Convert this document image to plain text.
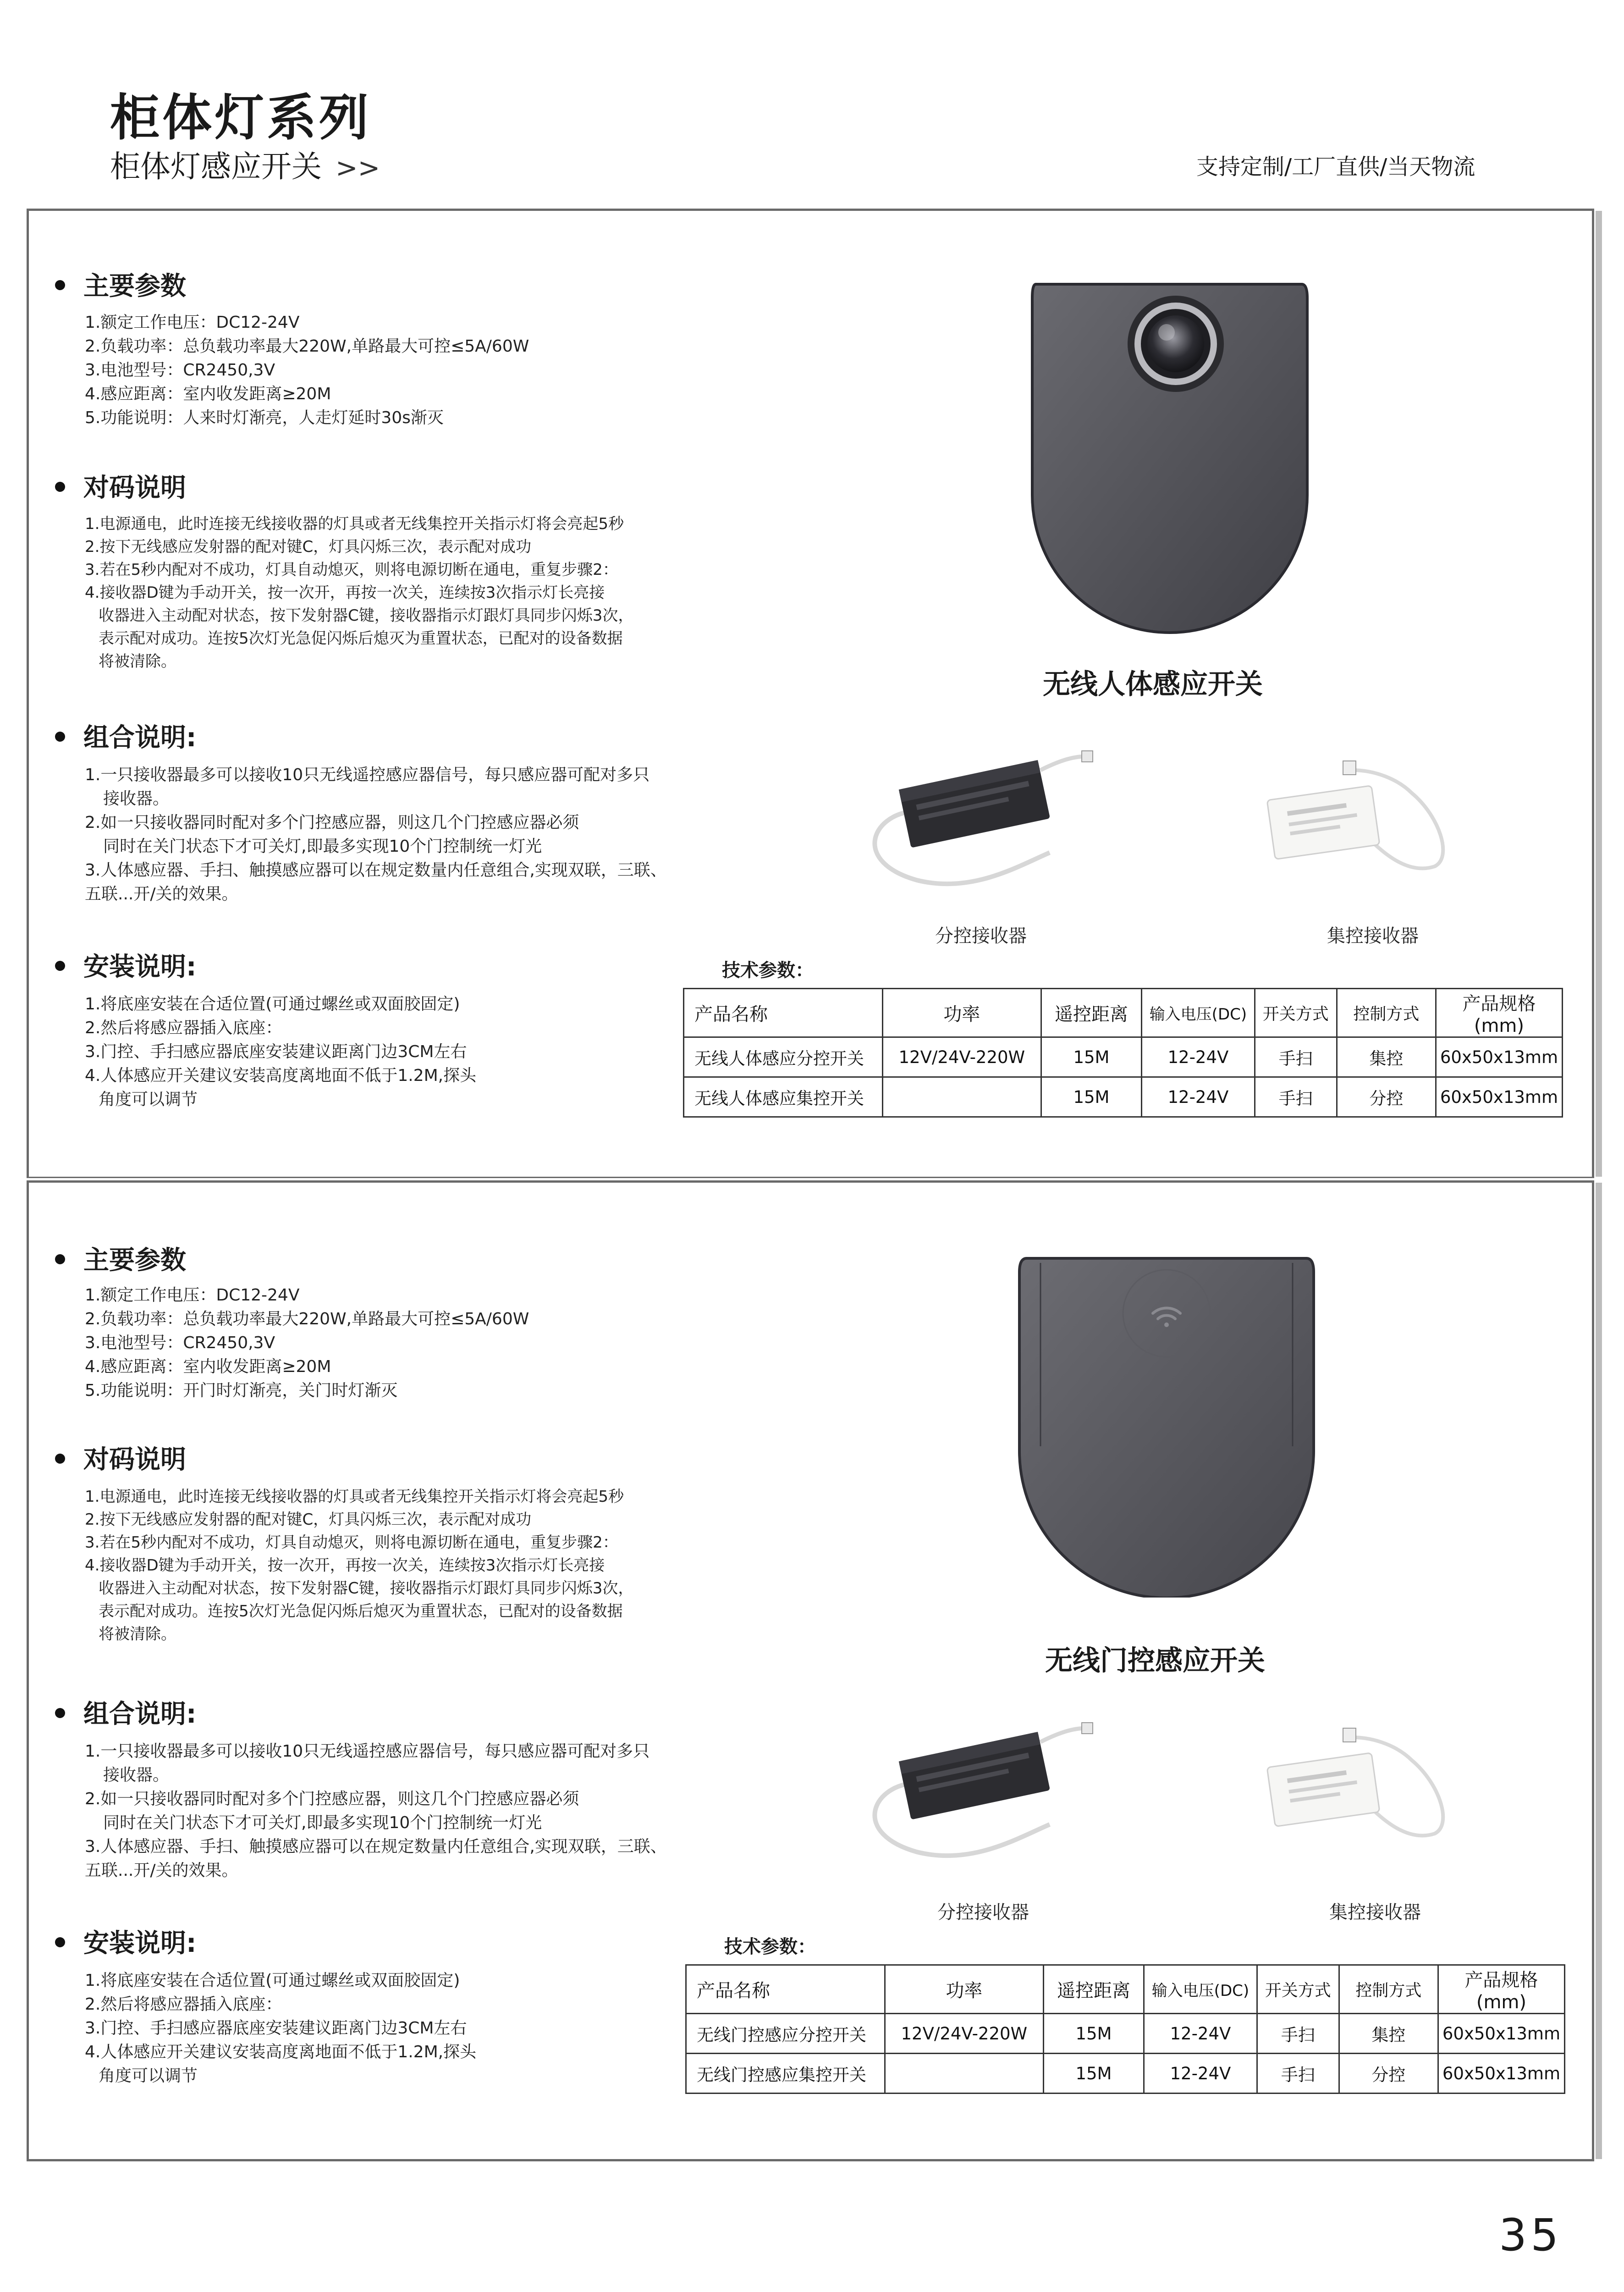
柜体灯系列
柜体灯感应开关 >>	支持定制/工厂直供/当天物流
主要参数
1.额定工作电压：DC12-24V
2.负载功率：总负载功率最大220W,单路最大可控≤5A/60W
3.电池型号：CR2450,3V
4.感应距离：室内收发距离≥20M
5.功能说明：人来时灯渐亮，人走灯延时30s渐灭
对码说明
1.电源通电，此时连接无线接收器的灯具或者无线集控开关指示灯将会亮起5秒
2.按下无线感应发射器的配对键C，灯具闪烁三次，表示配对成功
3.若在5秒内配对不成功，灯具自动熄灭，则将电源切断在通电，重复步骤2：
4.接收器D键为手动开关，按一次开，再按一次关，连续按3次指示灯长亮接
收器进入主动配对状态，按下发射器C键，接收器指示灯跟灯具同步闪烁3次，
表示配对成功。连按5次灯光急促闪烁后熄灭为重置状态，已配对的设备数据
将被清除。
组合说明:
1.一只接收器最多可以接收10只无线遥控感应器信号，每只感应器可配对多只
接收器。
2.如一只接收器同时配对多个门控感应器，则这几个门控感应器必须
同时在关门状态下才可关灯,即最多实现10个门控制统一灯光
3.人体感应器、手扫、触摸感应器可以在规定数量内任意组合,实现双联，三联、
五联...开/关的效果。
安装说明:
1.将底座安装在合适位置(可通过螺丝或双面胶固定)
2.然后将感应器插入底座：
3.门控、手扫感应器底座安装建议距离门边3CM左右
4.人体感应开关建议安装高度离地面不低于1.2M,探头
角度可以调节
无线人体感应开关
分控接收器	集控接收器
技术参数：
产品名称	功率	遥控距离	输入电压(DC)	开关方式	控制方式	产品规格(mm)
无线人体感应分控开关	12V/24V-220W	15M	12-24V	手扫	集控	60x50x13mm
无线人体感应集控开关		15M	12-24V	手扫	分控	60x50x13mm
主要参数
1.额定工作电压：DC12-24V
2.负载功率：总负载功率最大220W,单路最大可控≤5A/60W
3.电池型号：CR2450,3V
4.感应距离：室内收发距离≥20M
5.功能说明：开门时灯渐亮，关门时灯渐灭
对码说明
1.电源通电，此时连接无线接收器的灯具或者无线集控开关指示灯将会亮起5秒
2.按下无线感应发射器的配对键C，灯具闪烁三次，表示配对成功
3.若在5秒内配对不成功，灯具自动熄灭，则将电源切断在通电，重复步骤2：
4.接收器D键为手动开关，按一次开，再按一次关，连续按3次指示灯长亮接
收器进入主动配对状态，按下发射器C键，接收器指示灯跟灯具同步闪烁3次，
表示配对成功。连按5次灯光急促闪烁后熄灭为重置状态，已配对的设备数据
将被清除。
组合说明:
1.一只接收器最多可以接收10只无线遥控感应器信号，每只感应器可配对多只
接收器。
2.如一只接收器同时配对多个门控感应器，则这几个门控感应器必须
同时在关门状态下才可关灯,即最多实现10个门控制统一灯光
3.人体感应器、手扫、触摸感应器可以在规定数量内任意组合,实现双联，三联、
五联...开/关的效果。
安装说明:
1.将底座安装在合适位置(可通过螺丝或双面胶固定)
2.然后将感应器插入底座：
3.门控、手扫感应器底座安装建议距离门边3CM左右
4.人体感应开关建议安装高度离地面不低于1.2M,探头
角度可以调节
无线门控感应开关
分控接收器	集控接收器
技术参数：
产品名称	功率	遥控距离	输入电压(DC)	开关方式	控制方式	产品规格(mm)
无线门控感应分控开关	12V/24V-220W	15M	12-24V	手扫	集控	60x50x13mm
无线门控感应集控开关		15M	12-24V	手扫	分控	60x50x13mm
35
